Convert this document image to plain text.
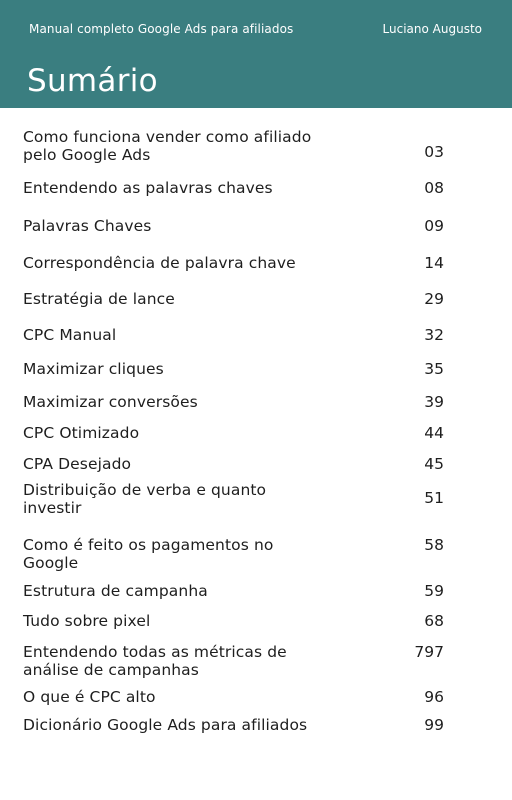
Manual completo Google Ads para afiliados	Luciano Augusto
Sumário
Como funciona vender como afiliado
pelo Google Ads	03
Entendendo as palavras chaves	08
Palavras Chaves	09
Correspondência de palavra chave	14
Estratégia de lance	29
CPC Manual	32
Maximizar cliques	35
Maximizar conversões	39
CPC Otimizado	44
CPA Desejado	45
Distribuição de verba e quanto
investir
51
Como é feito os pagamentos no
Google
58
Estrutura de campanha	59
Tudo sobre pixel	68
Entendendo todas as métricas de
análise de campanhas
797
O que é CPC alto	96
Dicionário Google Ads para afiliados	99
